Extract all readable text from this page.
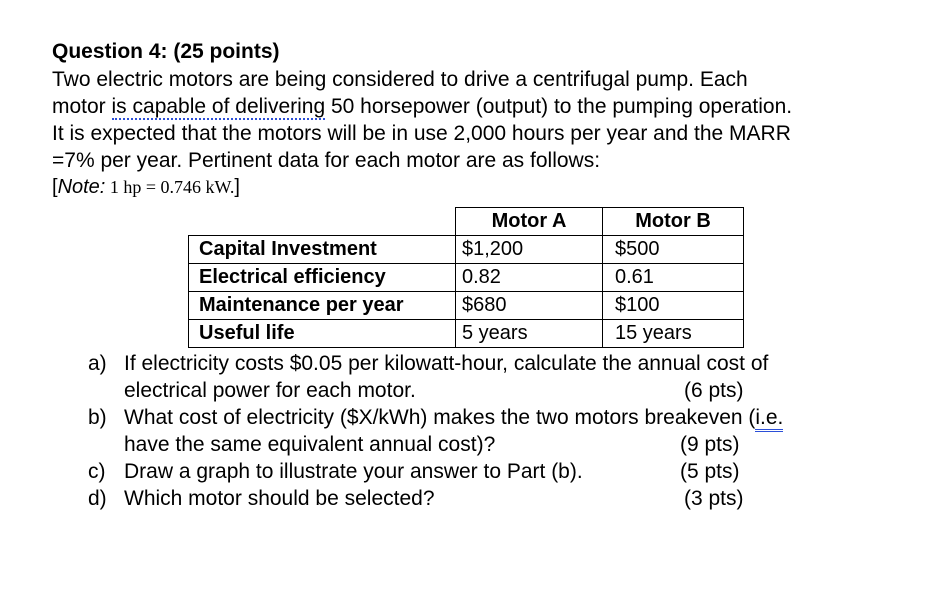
Question 4: (25 points)
Two electric motors are being considered to drive a centrifugal pump. Each
motor is capable of delivering 50 horsepower (output) to the pumping operation.
It is expected that the motors will be in use 2,000 hours per year and the MARR
=7% per year. Pertinent data for each motor are as follows:
[Note: 1 hp = 0.746 kW.]
	Motor A	Motor B
Capital Investment	$1,200	$500
Electrical efficiency	0.82	0.61
Maintenance per year	$680	$100
Useful life	5 years	15 years
a) If electricity costs $0.05 per kilowatt-hour, calculate the annual cost of
electrical power for each motor.	(6 pts)
b) What cost of electricity ($X/kWh) makes the two motors breakeven (i.e.
have the same equivalent annual cost)?	(9 pts)
c) Draw a graph to illustrate your answer to Part (b).	(5 pts)
d) Which motor should be selected?	(3 pts)
